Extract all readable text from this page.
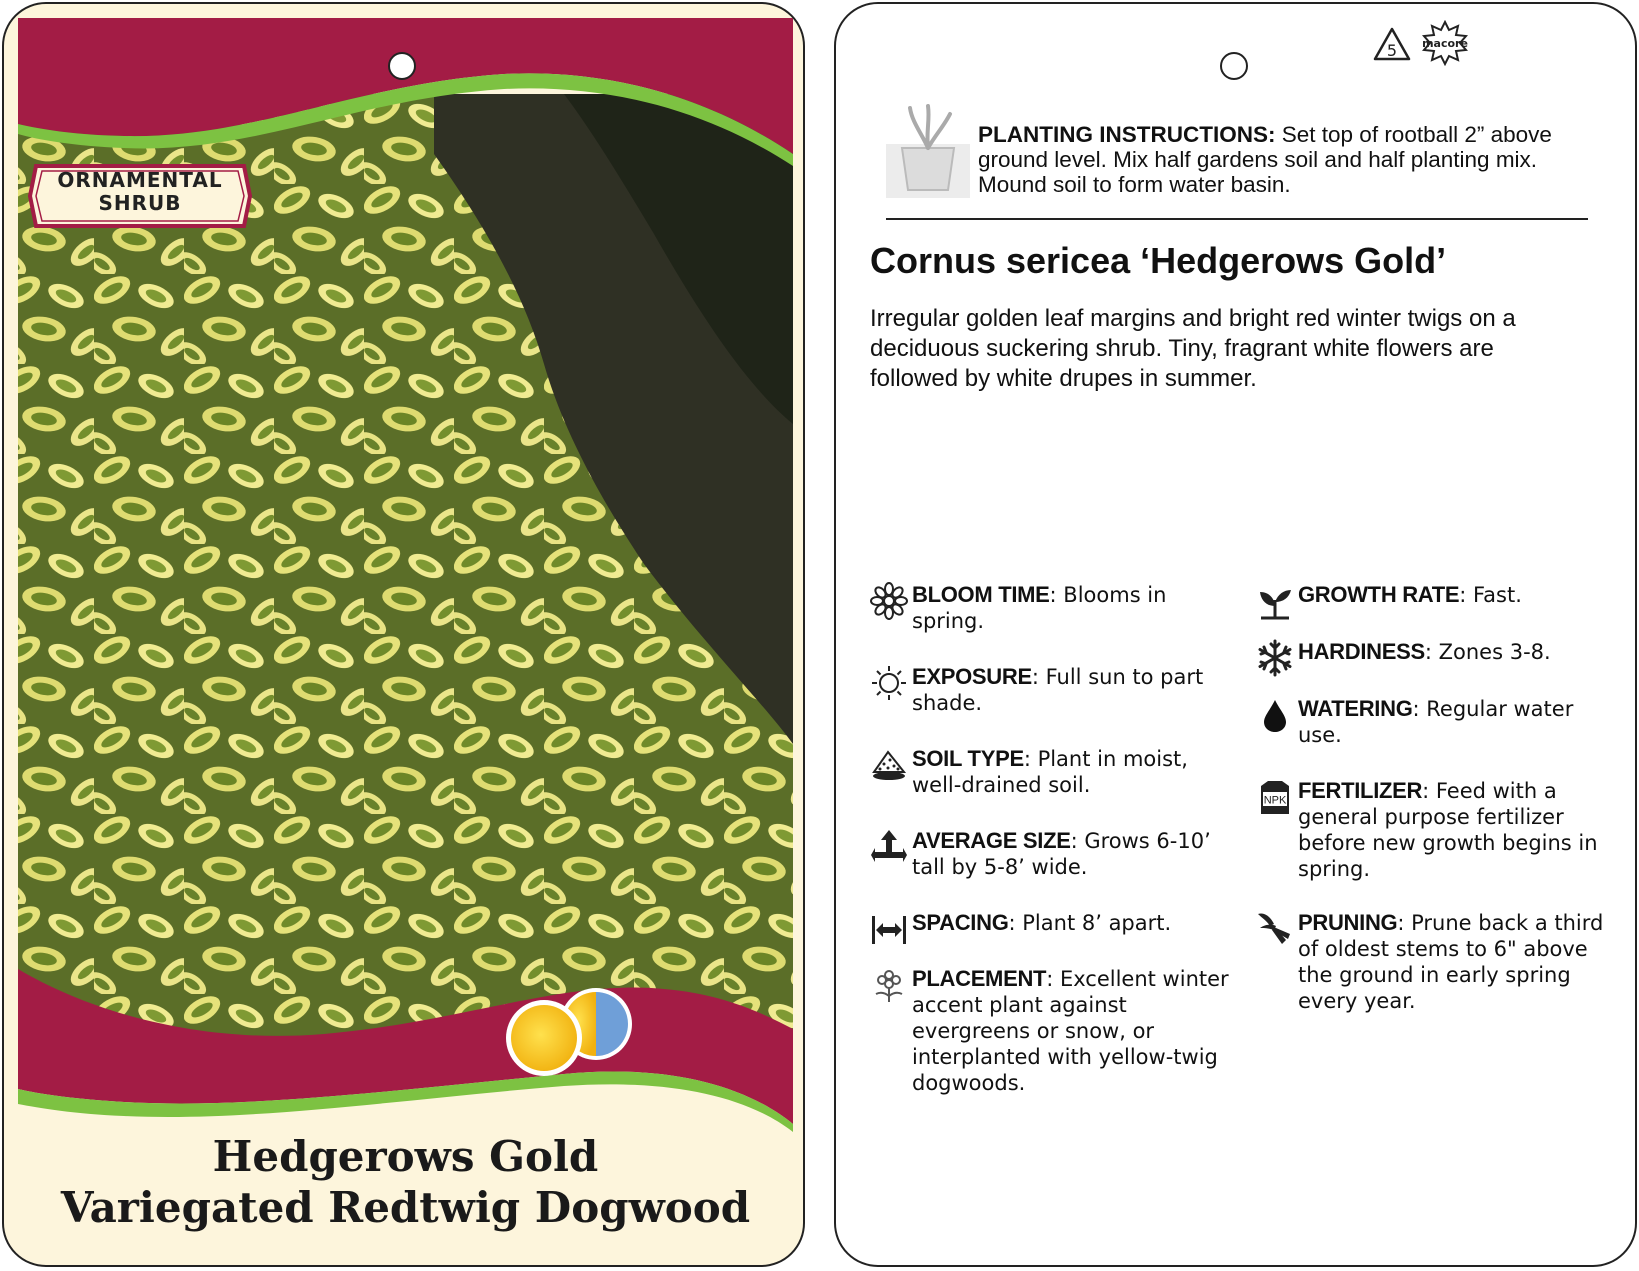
ORNAMENTAL
SHRUB
Hedgerows Gold
Variegated Redtwig Dogwood
5 macore
PLANTING INSTRUCTIONS: Set top of rootball 2” above ground level. Mix half gardens soil and half planting mix. Mound soil to form water basin.
Cornus sericea ‘Hedgerows Gold’
Irregular golden leaf margins and bright red winter twigs on a deciduous suckering shrub. Tiny, fragrant white flowers are followed by white drupes in summer.
BLOOM TIME: Blooms in spring.
EXPOSURE: Full sun to part shade.
SOIL TYPE: Plant in moist, well-drained soil.
AVERAGE SIZE: Grows 6-10’ tall by 5-8’ wide.
SPACING: Plant 8’ apart.
PLACEMENT: Excellent winter accent plant against evergreens or snow, or interplanted with yellow-twig dogwoods.
GROWTH RATE: Fast.
HARDINESS: Zones 3-8.
WATERING: Regular water use.
NPK FERTILIZER: Feed with a general purpose fertilizer before new growth begins in spring.
PRUNING: Prune back a third of oldest stems to 6" above the ground in early spring every year.
